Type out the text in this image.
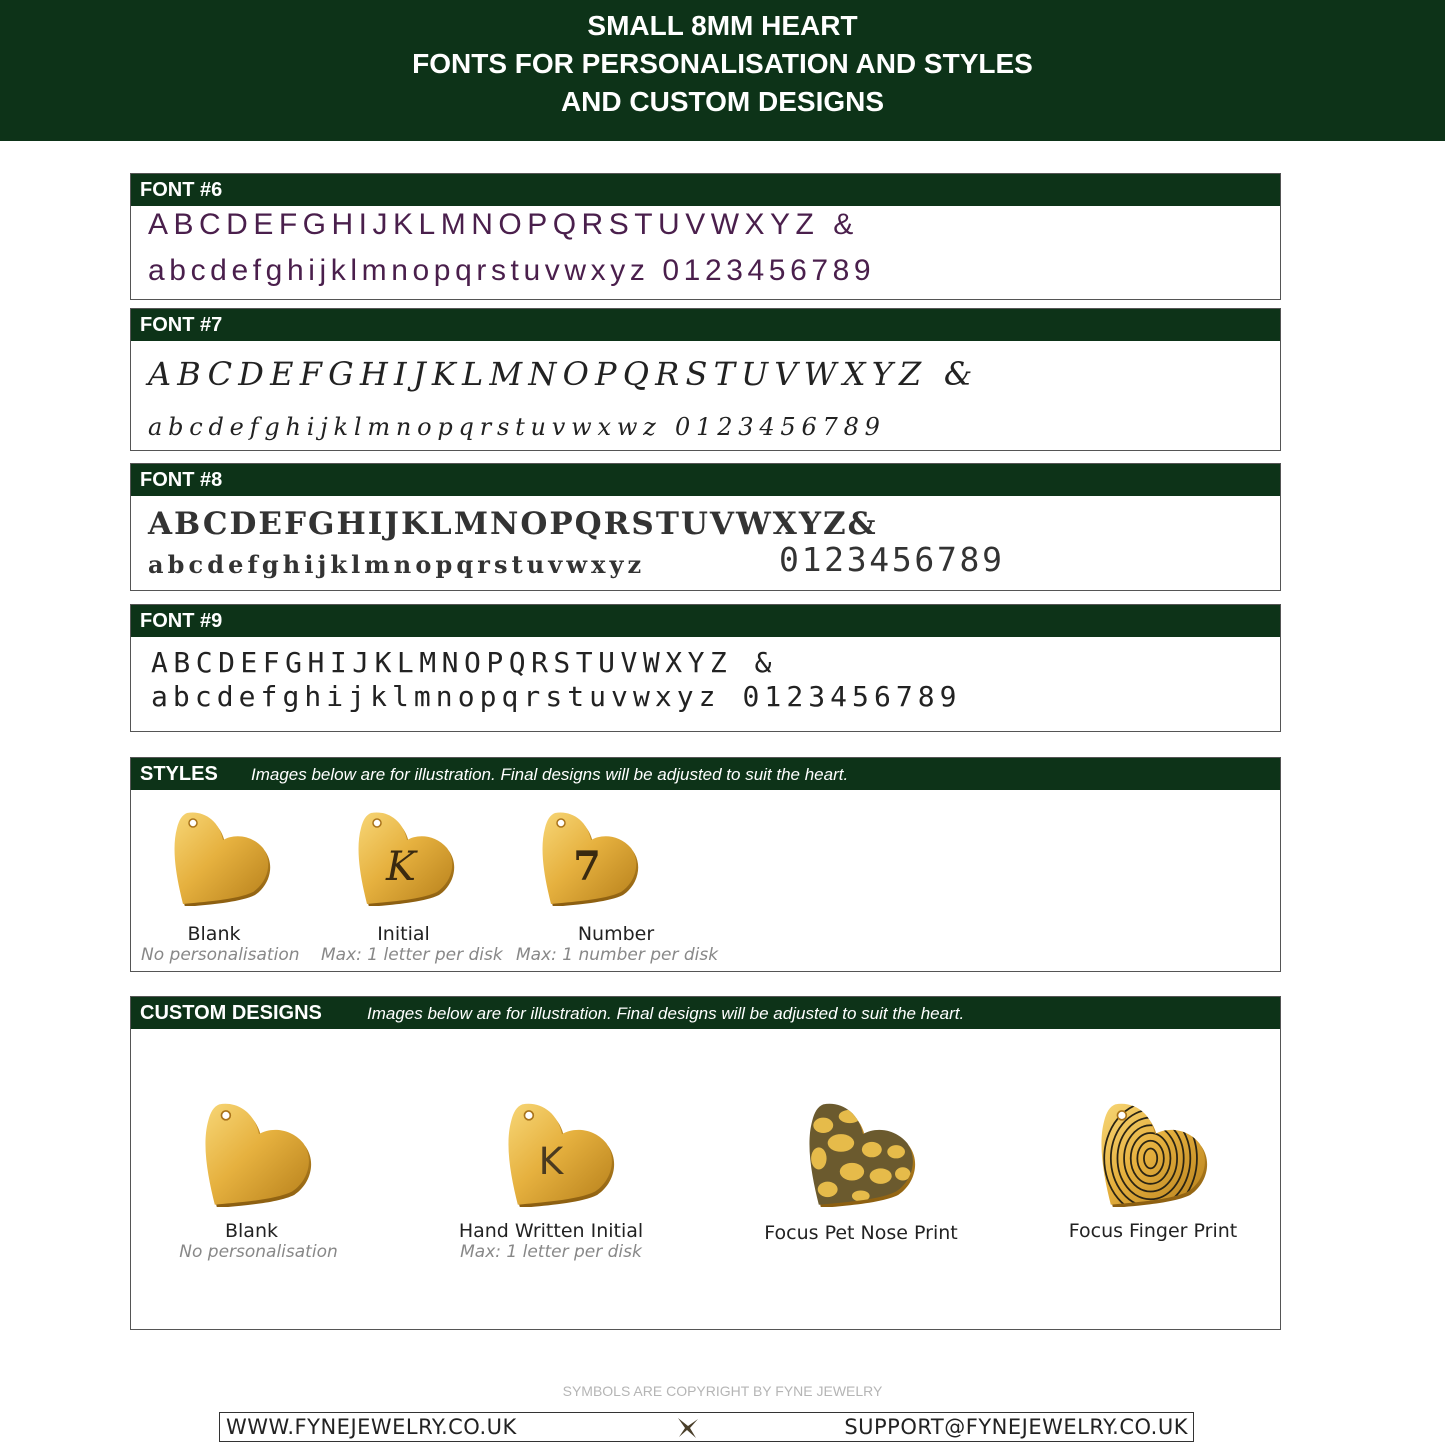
SMALL 8MM HEART
FONTS FOR PERSONALISATION AND STYLES
AND CUSTOM DESIGNS
FONT #6
ABCDEFGHIJKLMNOPQRSTUVWXYZ &
abcdefghijklmnopqrstuvwxyz 0123456789
FONT #7
ABCDEFGHIJKLMNOPQRSTUVWXYZ &
abcdefghijklmnopqrstuvwxwz 0123456789
FONT #8
ABCDEFGHIJKLMNOPQRSTUVWXYZ&
abcdefghijklmnopqrstuvwxyz	0123456789
FONT #9
ABCDEFGHIJKLMNOPQRSTUVWXYZ &
abcdefghijklmnopqrstuvwxyz 0123456789
STYLES Images below are for illustration. Final designs will be adjusted to suit the heart.
K	7
Blank
No personalisation
Initial
Max: 1 letter per disk
Number
Max: 1 number per disk
CUSTOM DESIGNS	Images below are for illustration. Final designs will be adjusted to suit the heart.
K
Blank
No personalisation
Hand Written Initial
Max: 1 letter per disk
Focus Pet Nose Print	Focus Finger Print
SYMBOLS ARE COPYRIGHT BY FYNE JEWELRY
WWW.FYNEJEWELRY.CO.UK	SUPPORT@FYNEJEWELRY.CO.UK
